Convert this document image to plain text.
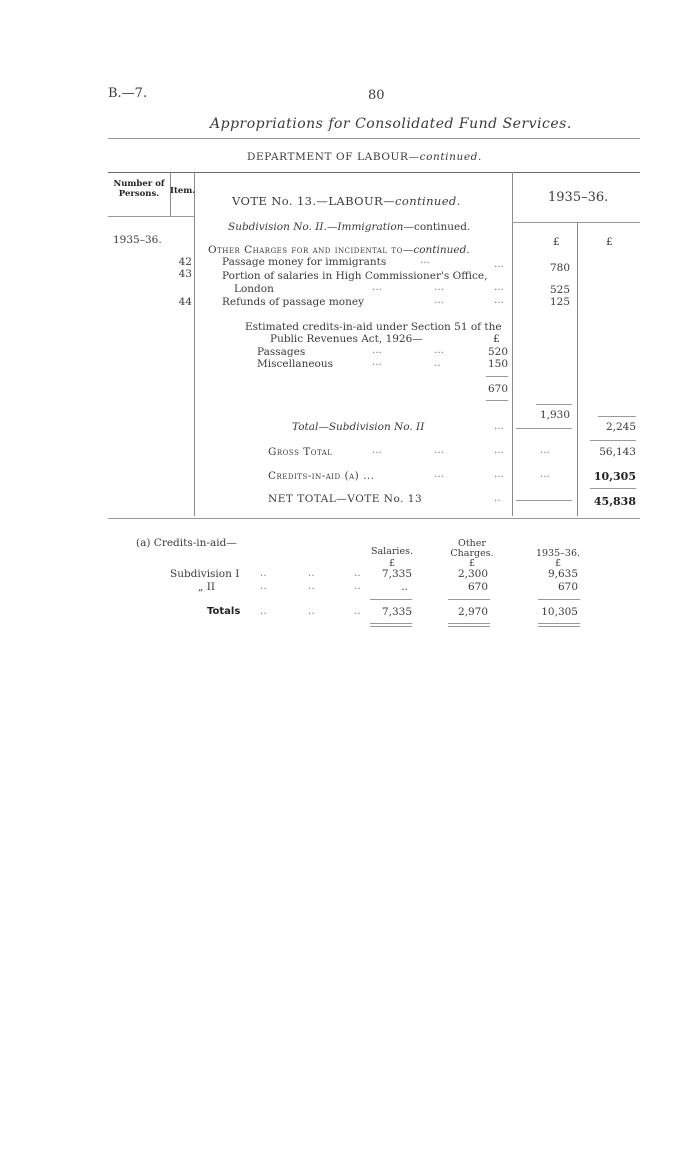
B.—7.	80
Appropriations for Consolidated Fund Services.
DEPARTMENT OF LABOUR—continued.
Number of Persons.	Item.
VOTE No. 13.—LABOUR—continued.	1935–36.
1935–36.
Subdivision No. II.—Immigration—continued.
£	£
Other Charges for and incidental to—continued.
42	Passage money for immigrants	...	...	780
43	Portion of salaries in High Commissioner's Office,
London	...	...	...	525
44	Refunds of passage money	...	...	125
Estimated credits-in-aid under Section 51 of the
Public Revenues Act, 1926—	£
Passages	...	...	520
Miscellaneous	...	..	150
670
1,930
Total—Subdivision No. II	...	2,245
Gross Total	...	...	...	...	56,143
Credits-in-aid (a) ...	...	...	...	10,305
NET TOTAL—VOTE No. 13	..	45,838
(a) Credits-in-aid—
Salaries.
Other
Charges.	1935–36.
£	£	£
Subdivision I ..	..	..	7,335	2,300	9,635
„ II	..	..	..	..	670	670
Totals ..	..	..	7,335	2,970	10,305
